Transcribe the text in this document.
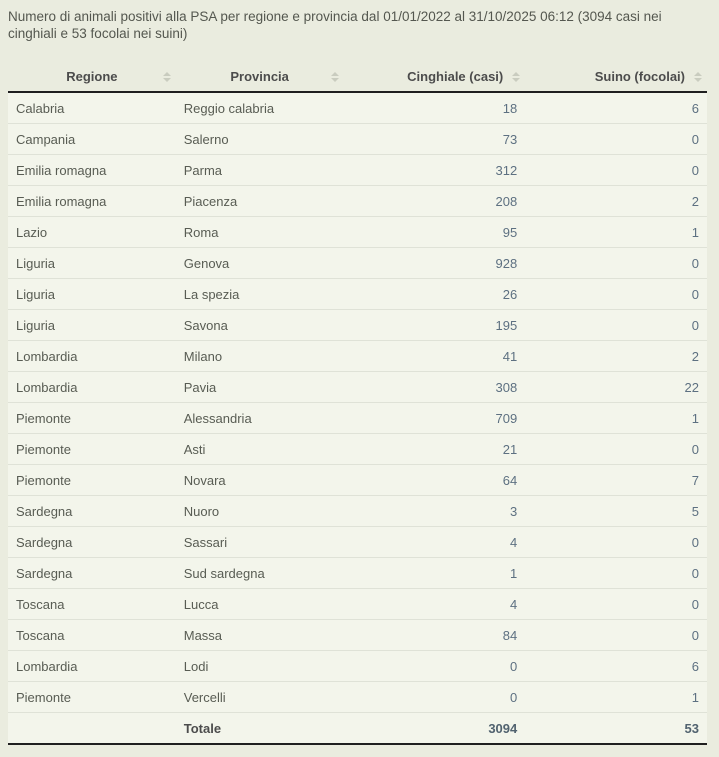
Numero di animali positivi alla PSA per regione e provincia dal 01/01/2022 al 31/10/2025 06:12 (3094 casi nei cinghiali e 53 focolai nei suini)
Regione	Provincia	Cinghiale (casi)	Suino (focolai)

Calabria	Reggio calabria	18	6
Campania	Salerno	73	0
Emilia romagna	Parma	312	0
Emilia romagna	Piacenza	208	2
Lazio	Roma	95	1
Liguria	Genova	928	0
Liguria	La spezia	26	0
Liguria	Savona	195	0
Lombardia	Milano	41	2
Lombardia	Pavia	308	22
Piemonte	Alessandria	709	1
Piemonte	Asti	21	0
Piemonte	Novara	64	7
Sardegna	Nuoro	3	5
Sardegna	Sassari	4	0
Sardegna	Sud sardegna	1	0
Toscana	Lucca	4	0
Toscana	Massa	84	0
Lombardia	Lodi	0	6
Piemonte	Vercelli	0	1
	Totale	3094	53
